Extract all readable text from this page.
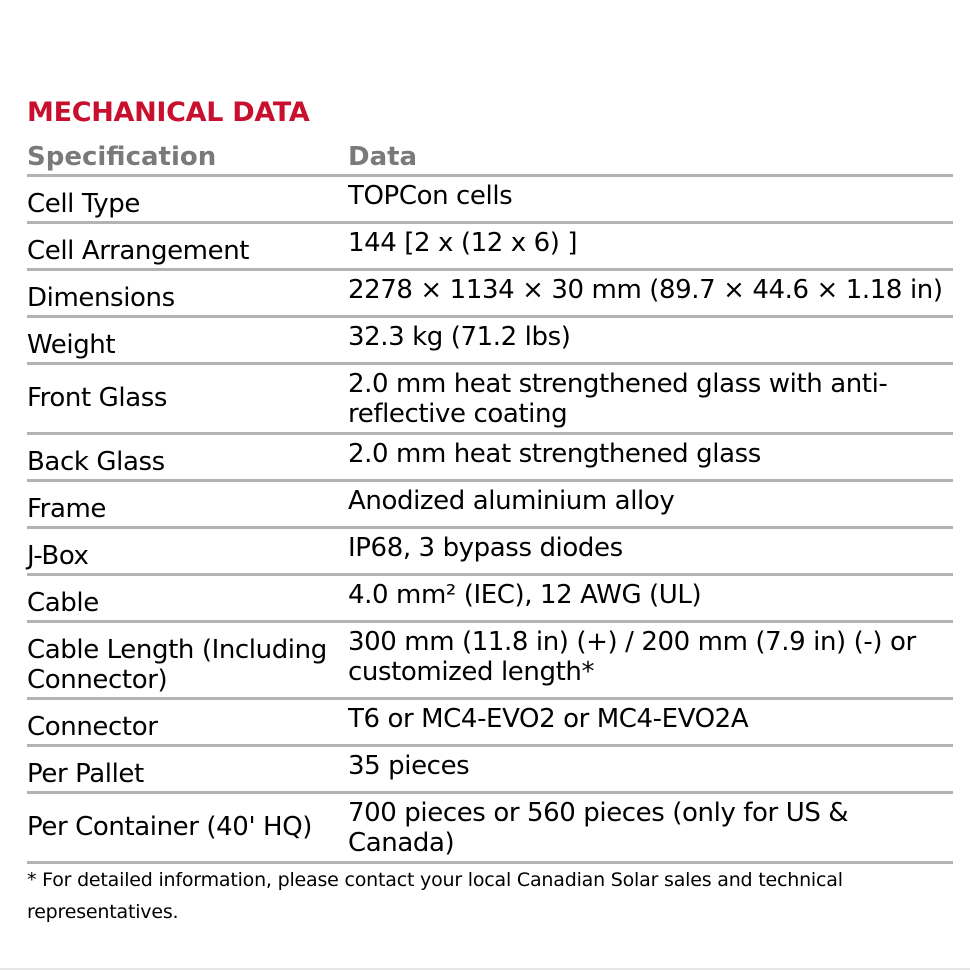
MECHANICAL DATA
Specification	Data
Cell Type	TOPCon cells
Cell Arrangement	144 [2 x (12 x 6) ]
Dimensions	2278 × 1134 × 30 mm (89.7 × 44.6 × 1.18 in)
Weight	32.3 kg (71.2 lbs)
Front Glass	2.0 mm heat strengthened glass with anti-reflective coating
Back Glass	2.0 mm heat strengthened glass
Frame	Anodized aluminium alloy
J-Box	IP68, 3 bypass diodes
Cable	4.0 mm² (IEC), 12 AWG (UL)
Cable Length (Including Connector)	300 mm (11.8 in) (+) / 200 mm (7.9 in) (-) or customized length*
Connector	T6 or MC4-EVO2 or MC4-EVO2A
Per Pallet	35 pieces
Per Container (40' HQ)	700 pieces or 560 pieces (only for US & Canada)
* For detailed information, please contact your local Canadian Solar sales and technical representatives.
